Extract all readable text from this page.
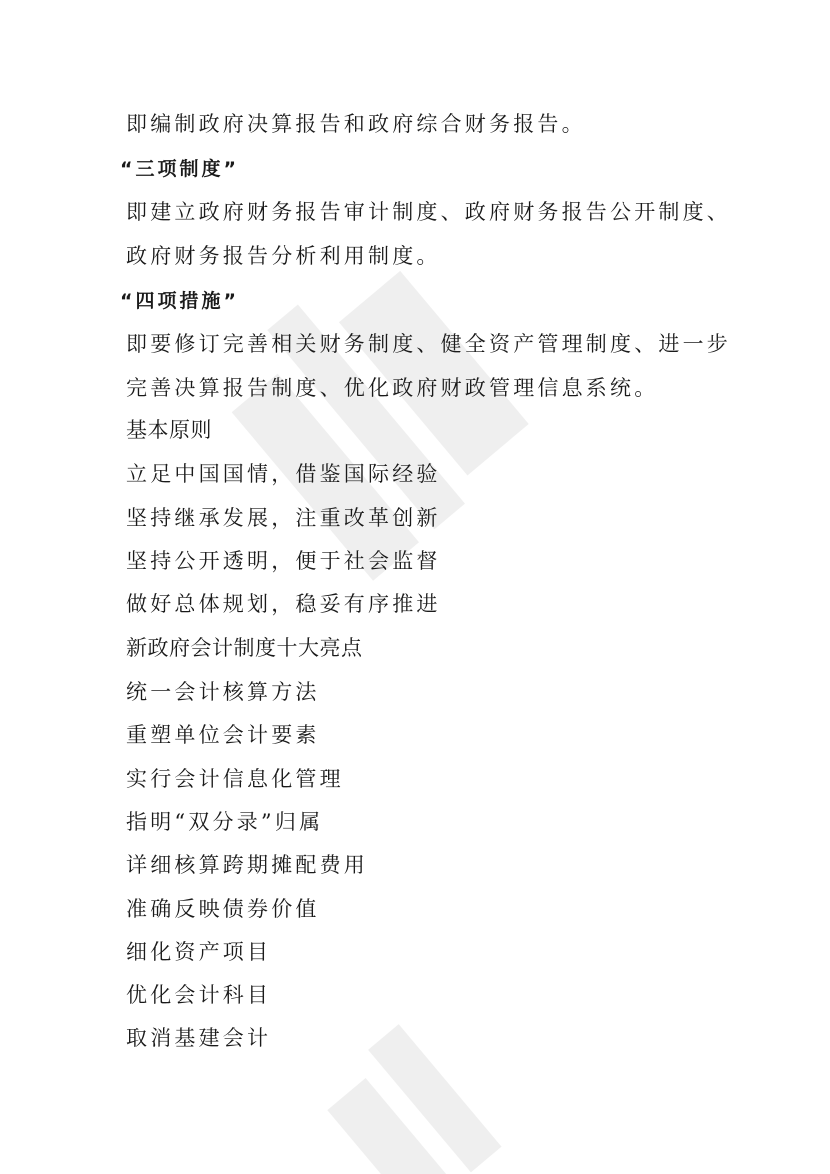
即编制政府决算报告和政府综合财务报告。
“三项制度”
即建立政府财务报告审计制度、政府财务报告公开制度、
政府财务报告分析利用制度。
“四项措施”
即要修订完善相关财务制度、健全资产管理制度、进一步
完善决算报告制度、优化政府财政管理信息系统。
基本原则
立足中国国情，借鉴国际经验
坚持继承发展，注重改革创新
坚持公开透明，便于社会监督
做好总体规划，稳妥有序推进
新政府会计制度十大亮点
统一会计核算方法
重塑单位会计要素
实行会计信息化管理
指明“双分录”归属
详细核算跨期摊配费用
准确反映债券价值
细化资产项目
优化会计科目
取消基建会计
